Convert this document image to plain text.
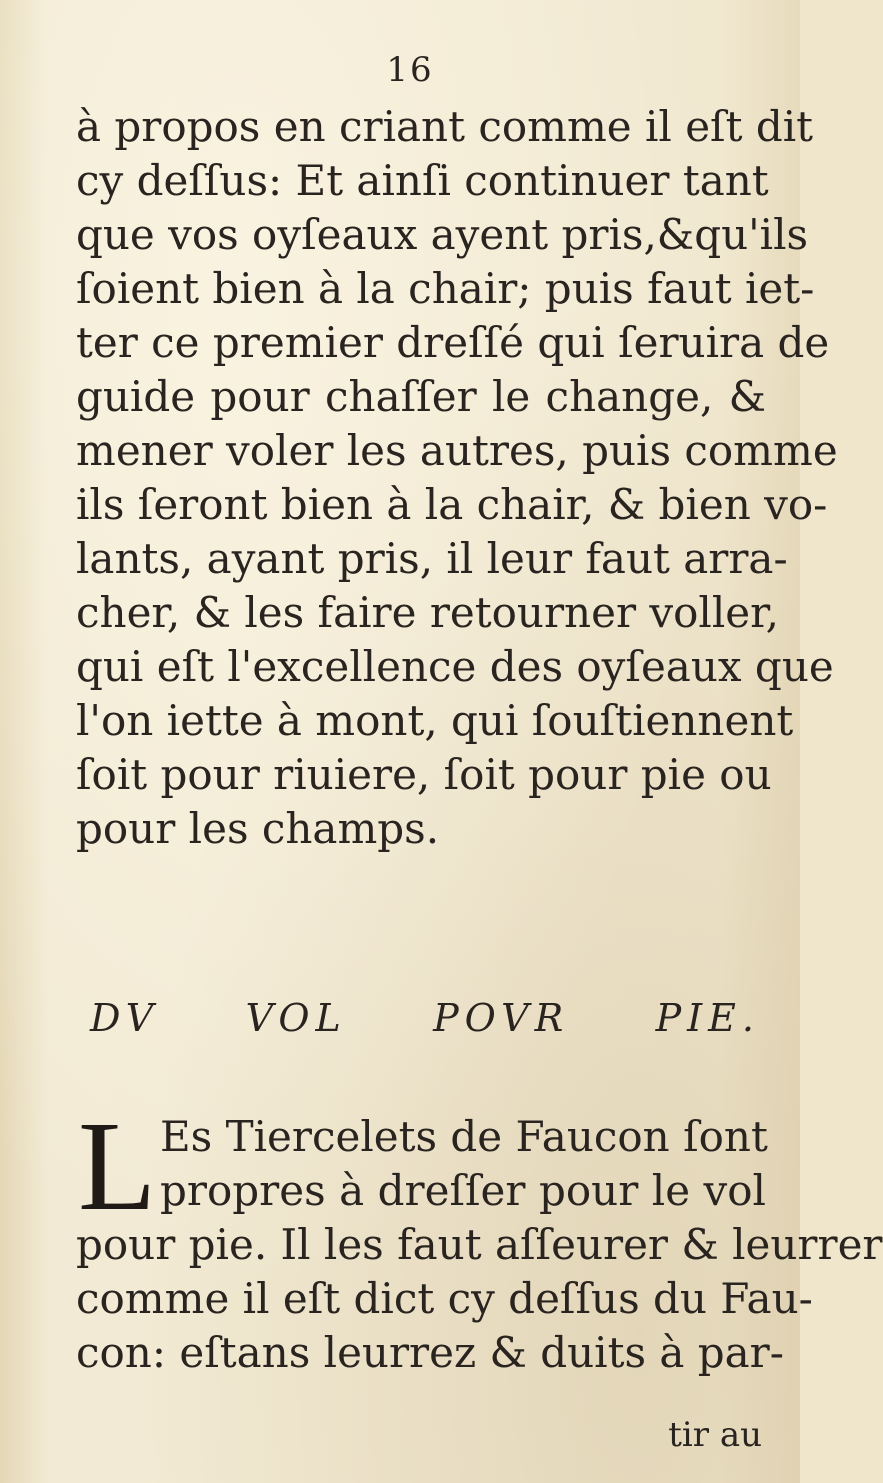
16
à propos en criant comme il eſt dit
cy deſſus: Et ainſi continuer tant
que vos oyſeaux ayent pris,&qu'ils
ſoient bien à la chair; puis faut iet-
ter ce premier dreſſé qui ſeruira de
guide pour chaſſer le change, &
mener voler les autres, puis comme
ils ſeront bien à la chair, & bien vo-
lants, ayant pris, il leur faut arra-
cher, & les faire retourner voller,
qui eſt l'excellence des oyſeaux que
l'on iette à mont, qui ſouſtiennent
ſoit pour riuiere, ſoit pour pie ou
pour les champs.
DV VOL POVR PIE.
L Es Tiercelets de Faucon ſont
propres à dreſſer pour le vol
pour pie. Il les faut aſſeurer & leurrer
comme il eſt dict cy deſſus du Fau-
con: eſtans leurrez & duits à par-
tir au
